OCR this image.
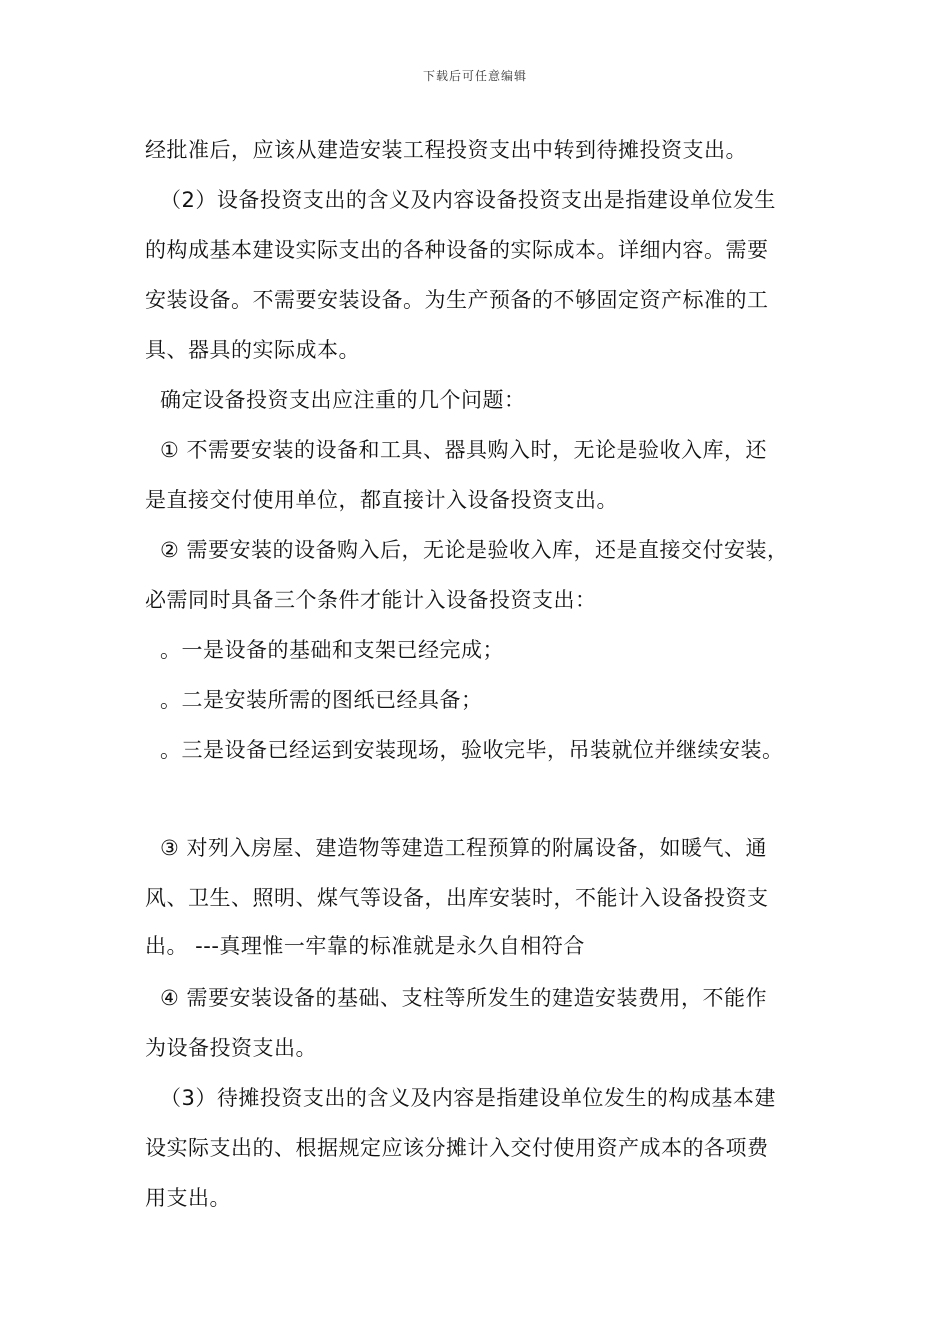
下载后可任意编辑
经批准后，应该从建造安装工程投资支出中转到待摊投资支出。
（2）设备投资支出的含义及内容设备投资支出是指建设单位发生
的构成基本建设实际支出的各种设备的实际成本。详细内容。需要
安装设备。不需要安装设备。为生产预备的不够固定资产标准的工
具、器具的实际成本。
确定设备投资支出应注重的几个问题：
① 不需要安装的设备和工具、器具购入时，无论是验收入库，还
是直接交付使用单位，都直接计入设备投资支出。
② 需要安装的设备购入后，无论是验收入库，还是直接交付安装，
必需同时具备三个条件才能计入设备投资支出：
。一是设备的基础和支架已经完成；
。二是安装所需的图纸已经具备；
。三是设备已经运到安装现场，验收完毕，吊装就位并继续安装。
③ 对列入房屋、建造物等建造工程预算的附属设备，如暖气、通
风、卫生、照明、煤气等设备，出库安装时，不能计入设备投资支
出。 ---真理惟一牢靠的标准就是永久自相符合
④ 需要安装设备的基础、支柱等所发生的建造安装费用，不能作
为设备投资支出。
（3）待摊投资支出的含义及内容是指建设单位发生的构成基本建
设实际支出的、根据规定应该分摊计入交付使用资产成本的各项费
用支出。
